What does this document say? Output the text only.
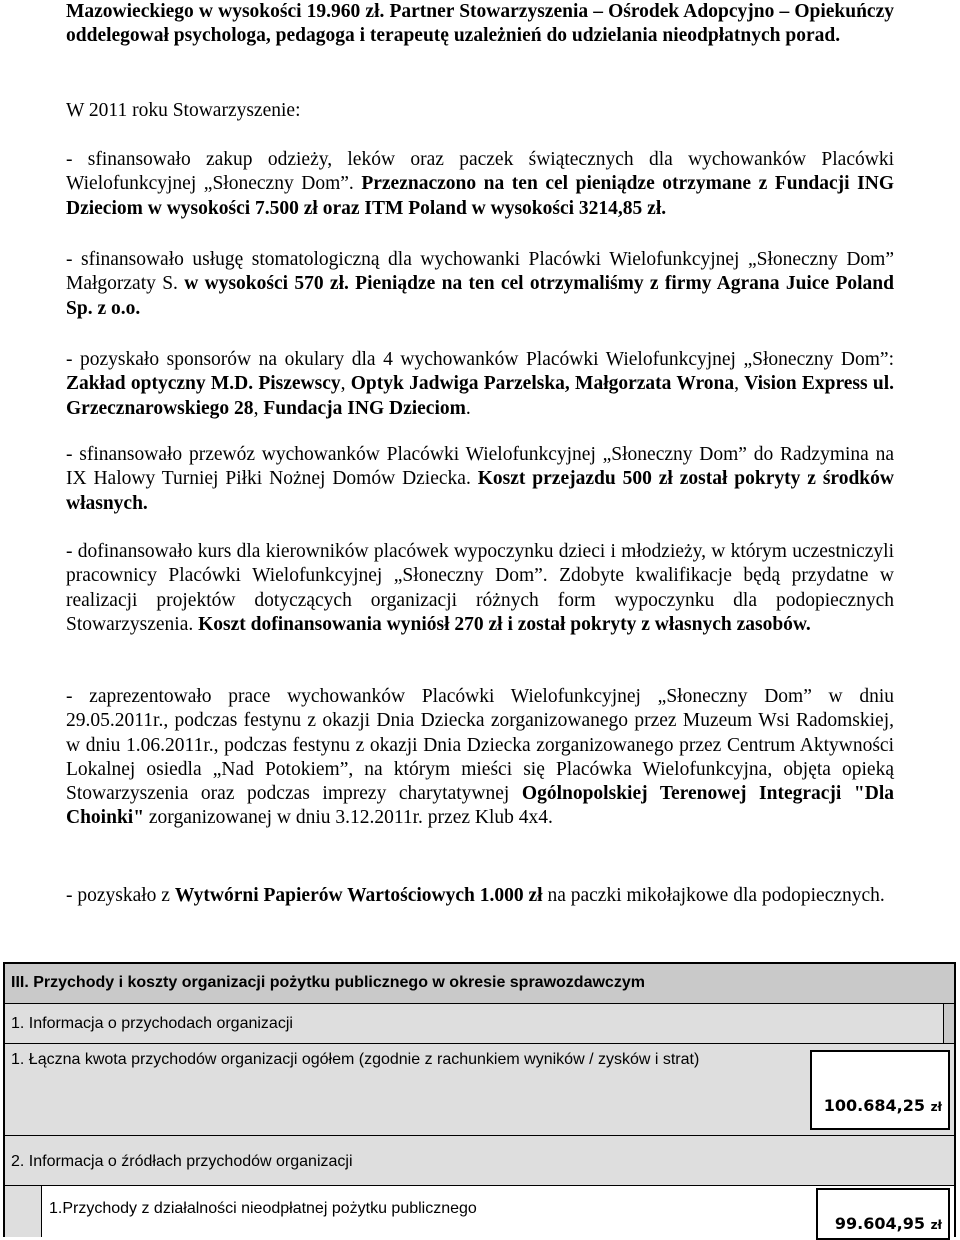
Mazowieckiego w wysokości 19.960 zł. Partner Stowarzyszenia – Ośrodek Adopcyjno – Opiekuńczy oddelegował psychologa, pedagoga i terapeutę uzależnień do udzielania nieodpłatnych porad.

W 2011 roku Stowarzyszenie:

- sfinansowało zakup odzieży, leków oraz paczek świątecznych dla wychowanków Placówki Wielofunkcyjnej „Słoneczny Dom”. Przeznaczono na ten cel pieniądze otrzymane z Fundacji ING Dzieciom w wysokości 7.500 zł oraz ITM Poland w wysokości 3214,85 zł.

- sfinansowało usługę stomatologiczną dla wychowanki Placówki Wielofunkcyjnej „Słoneczny Dom” Małgorzaty S. w wysokości 570 zł. Pieniądze na ten cel otrzymaliśmy z firmy Agrana Juice Poland Sp. z o.o.

- pozyskało sponsorów na okulary dla 4 wychowanków Placówki Wielofunkcyjnej „Słoneczny Dom”: Zakład optyczny M.D. Piszewscy, Optyk Jadwiga Parzelska, Małgorzata Wrona, Vision Express ul. Grzecznarowskiego 28, Fundacja ING Dzieciom.

- sfinansowało przewóz wychowanków Placówki Wielofunkcyjnej „Słoneczny Dom” do Radzymina na IX Halowy Turniej Piłki Nożnej Domów Dziecka. Koszt przejazdu 500 zł został pokryty z środków własnych.

- dofinansowało kurs dla kierowników placówek wypoczynku dzieci i młodzieży, w którym uczestniczyli pracownicy Placówki Wielofunkcyjnej „Słoneczny Dom”. Zdobyte kwalifikacje będą przydatne w realizacji projektów dotyczących organizacji różnych form wypoczynku dla podopiecznych Stowarzyszenia. Koszt dofinansowania wyniósł 270 zł i został pokryty z własnych zasobów.

- zaprezentowało prace wychowanków Placówki Wielofunkcyjnej „Słoneczny Dom” w dniu 29.05.2011r., podczas festynu z okazji Dnia Dziecka zorganizowanego przez Muzeum Wsi Radomskiej, w dniu 1.06.2011r., podczas festynu z okazji Dnia Dziecka zorganizowanego przez Centrum Aktywności Lokalnej osiedla „Nad Potokiem”, na którym mieści się Placówka Wielofunkcyjna, objęta opieką Stowarzyszenia oraz podczas imprezy charytatywnej Ogólnopolskiej Terenowej Integracji "Dla Choinki" zorganizowanej w dniu 3.12.2011r. przez Klub 4x4.

- pozyskało z Wytwórni Papierów Wartościowych 1.000 zł na paczki mikołajkowe dla podopiecznych.

III. Przychody i koszty organizacji pożytku publicznego w okresie sprawozdawczym
1. Informacja o przychodach organizacji
1. Łączna kwota przychodów organizacji ogółem (zgodnie z rachunkiem wyników / zysków i strat)
100.684,25 zł
2. Informacja o źródłach przychodów organizacji
1.Przychody z działalności nieodpłatnej pożytku publicznego
99.604,95 zł
